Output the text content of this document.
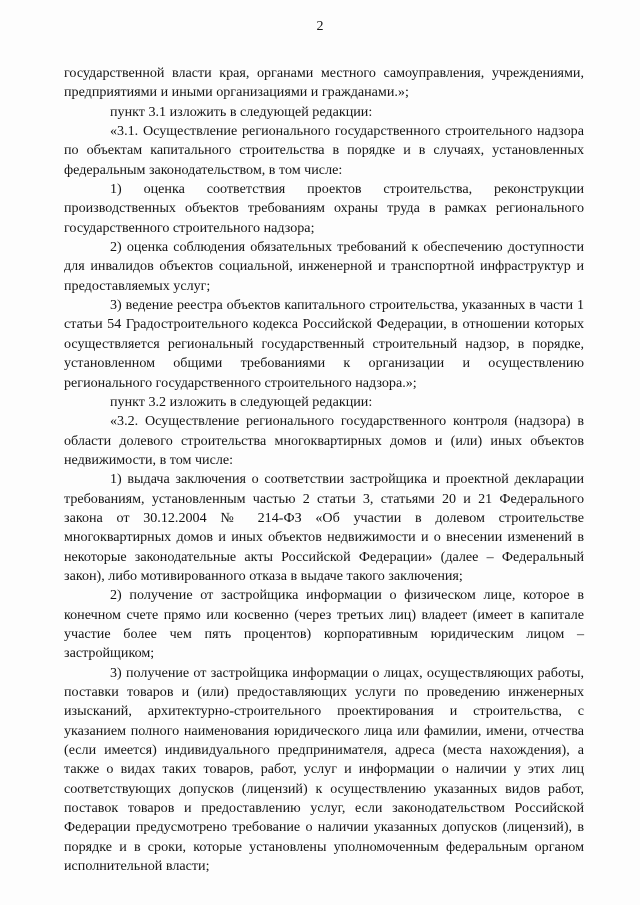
2

государственной власти края, органами местного самоуправления, учреждениями, предприятиями и иными организациями и гражданами.»;

пункт 3.1 изложить в следующей редакции:

«3.1. Осуществление регионального государственного строительного надзора по объектам капитального строительства в порядке и в случаях, установленных федеральным законодательством, в том числе:

1) оценка соответствия проектов строительства, реконструкции производственных объектов требованиям охраны труда в рамках регионального государственного строительного надзора;

2) оценка соблюдения обязательных требований к обеспечению доступности для инвалидов объектов социальной, инженерной и транспортной инфраструктур и предоставляемых услуг;

3) ведение реестра объектов капитального строительства, указанных в части 1 статьи 54 Градостроительного кодекса Российской Федерации, в отношении которых осуществляется региональный государственный строительный надзор, в порядке, установленном общими требованиями к организации и осуществлению регионального государственного строительного надзора.»;

пункт 3.2 изложить в следующей редакции:

«3.2. Осуществление регионального государственного контроля (надзора) в области долевого строительства многоквартирных домов и (или) иных объектов недвижимости, в том числе:

1) выдача заключения о соответствии застройщика и проектной декларации требованиям, установленным частью 2 статьи 3, статьями 20 и 21 Федерального закона от 30.12.2004 № 214-ФЗ «Об участии в долевом строительстве многоквартирных домов и иных объектов недвижимости и о внесении изменений в некоторые законодательные акты Российской Федерации» (далее – Федеральный закон), либо мотивированного отказа в выдаче такого заключения;

2) получение от застройщика информации о физическом лице, которое в конечном счете прямо или косвенно (через третьих лиц) владеет (имеет в капитале участие более чем пять процентов) корпоративным юридическим лицом – застройщиком;

3) получение от застройщика информации о лицах, осуществляющих работы, поставки товаров и (или) предоставляющих услуги по проведению инженерных изысканий, архитектурно-строительного проектирования и строительства, с указанием полного наименования юридического лица или фамилии, имени, отчества (если имеется) индивидуального предпринимателя, адреса (места нахождения), а также о видах таких товаров, работ, услуг и информации о наличии у этих лиц соответствующих допусков (лицензий) к осуществлению указанных видов работ, поставок товаров и предоставлению услуг, если законодательством Российской Федерации предусмотрено требование о наличии указанных допусков (лицензий), в порядке и в сроки, которые установлены уполномоченным федеральным органом исполнительной власти;
